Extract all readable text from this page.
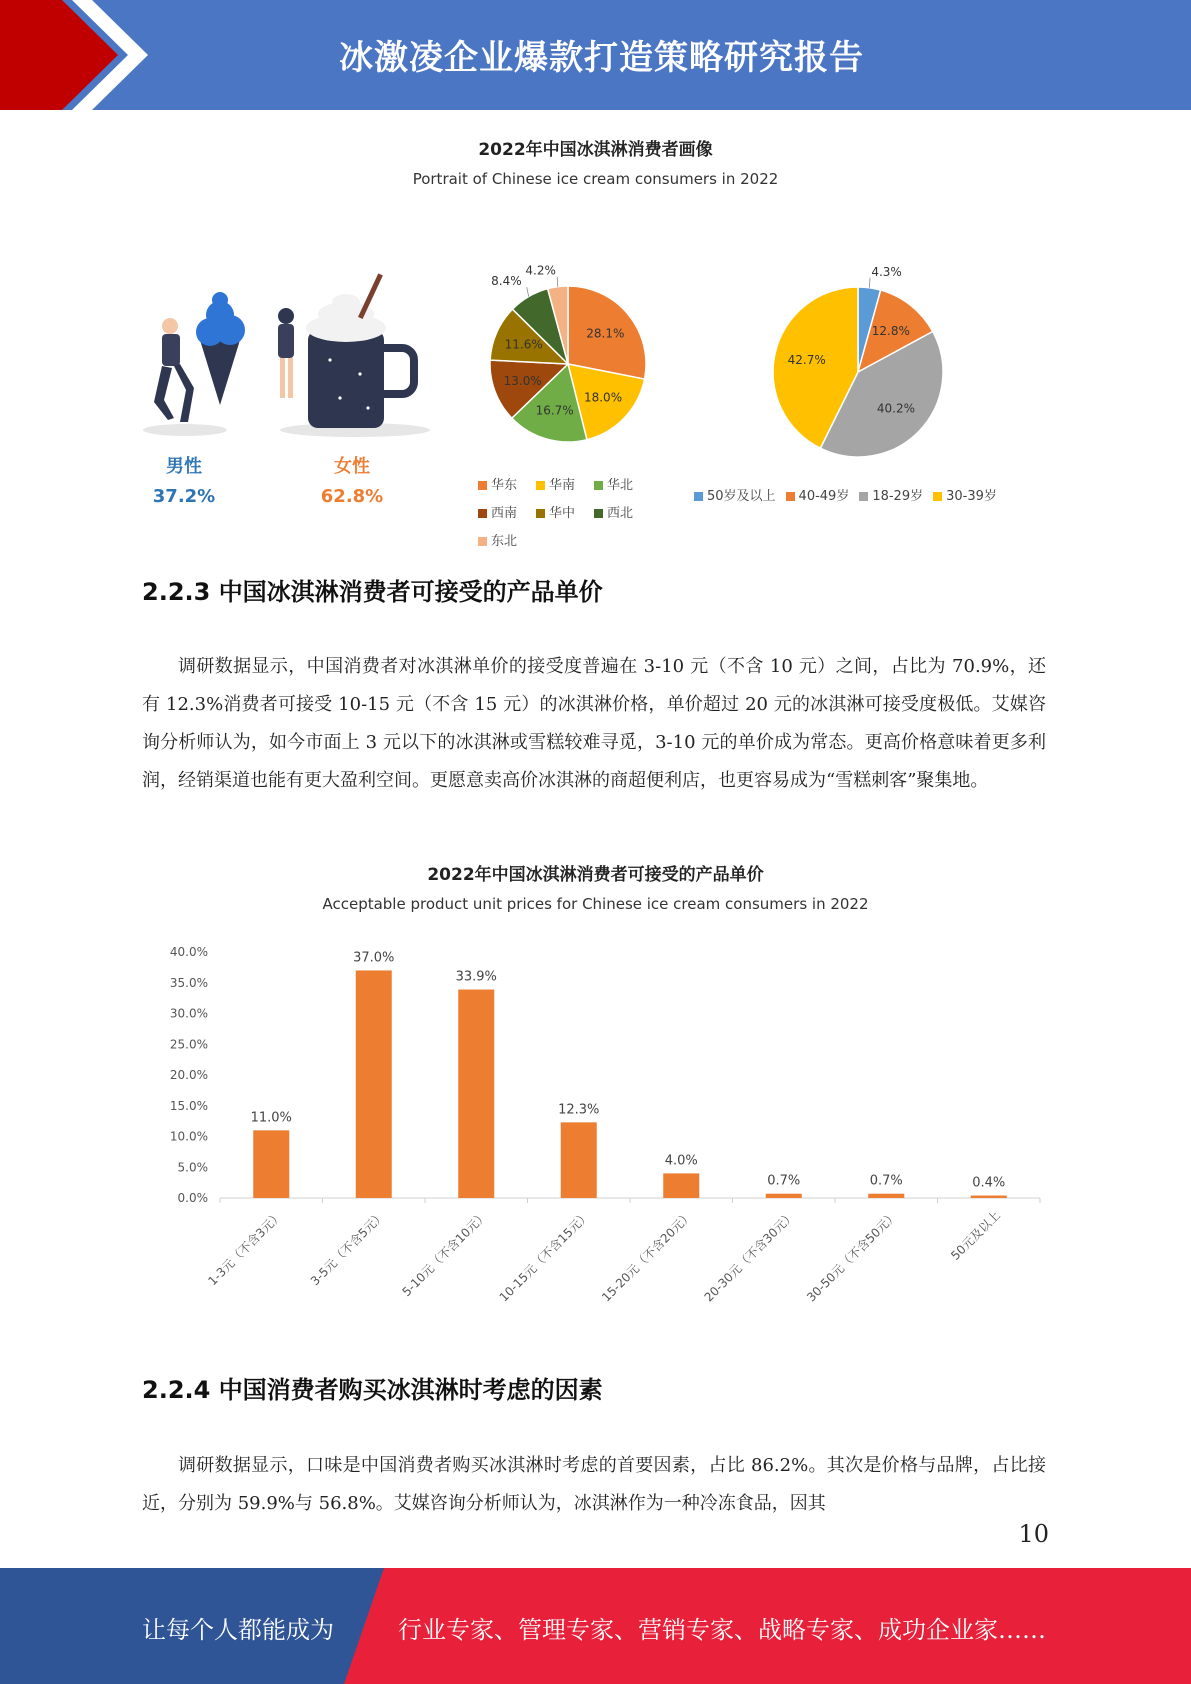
冰激凌企业爆款打造策略研究报告
2022年中国冰淇淋消费者画像
Portrait of Chinese ice cream consumers in 2022
男性
37.2%
女性
62.8%
28.1%
18.0%
16.7%
13.0%
11.6%
8.4%
4.2%
华东 华南 华北西南 华中 西北东北
4.3%
12.8%
40.2%
42.7%
50岁及以上 40-49岁 18-29岁 30-39岁
2.2.3 中国冰淇淋消费者可接受的产品单价
调研数据显示，中国消费者对冰淇淋单价的接受度普遍在 3-10 元（不含 10 元）之间，占比为 70.9%，还有 12.3%消费者可接受 10-15 元（不含 15 元）的冰淇淋价格，单价超过 20 元的冰淇淋可接受度极低。艾媒咨询分析师认为，如今市面上 3 元以下的冰淇淋或雪糕较难寻觅，3-10 元的单价成为常态。更高价格意味着更多利润，经销渠道也能有更大盈利空间。更愿意卖高价冰淇淋的商超便利店，也更容易成为“雪糕刺客”聚集地。
2022年中国冰淇淋消费者可接受的产品单价
Acceptable product unit prices for Chinese ice cream consumers in 2022
0.0%
5.0%
10.0%
15.0%
20.0%
25.0%
30.0%
35.0%
40.0%
11.0%
1-3元（不含3元）
37.0%
3-5元（不含5元）
33.9%
5-10元（不含10元）
12.3%
10-15元（不含15元）
4.0%
15-20元（不含20元）
0.7%
20-30元（不含30元）
0.7%
30-50元（不含50元）
0.4%
50元及以上
2.2.4 中国消费者购买冰淇淋时考虑的因素
调研数据显示，口味是中国消费者购买冰淇淋时考虑的首要因素，占比 86.2%。其次是价格与品牌，占比接近，分别为 59.9%与 56.8%。艾媒咨询分析师认为，冰淇淋作为一种冷冻食品，因其
10
让每个人都能成为	行业专家、管理专家、营销专家、战略专家、成功企业家……
